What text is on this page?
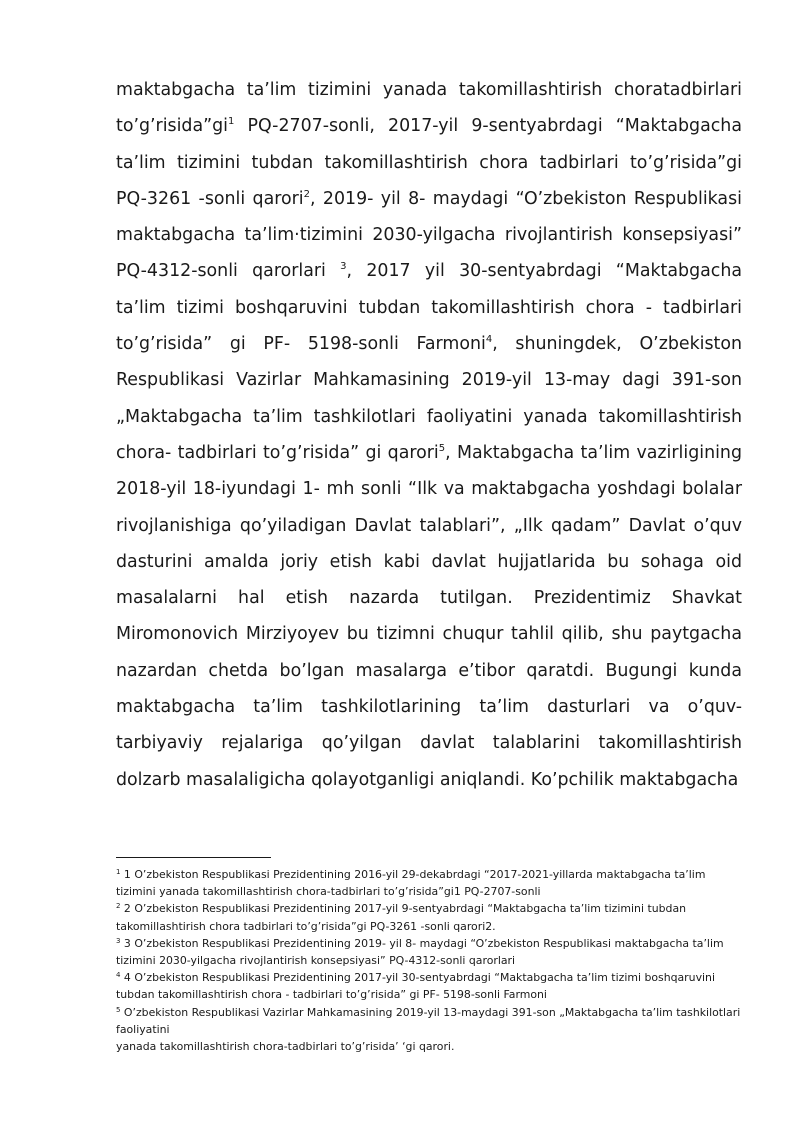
maktabgacha ta’lim tizimini yanada takomillashtirish choratadbirlari $to’g’risida”gi^1$ PQ-2707-sonli, 2017-yil 9-sentyabrdagi “Maktabgacha ta’lim tizimini tubdan takomillashtirish chora tadbirlari to’g’risida”gi PQ-3261 -sonli qarori$^2$, 2019- yil 8- maydagi “O’zbekiston Respublikasi maktabgacha ta’lim·tizimini 2030-yilgacha rivojlantirish konsepsiyasi” PQ-4312-sonli qarorlari $^3$, 2017 yil 30-sentyabrdagi “Maktabgacha ta’lim tizimi boshqaruvini tubdan takomillashtirish chora - tadbirlari to’g’risida” gi PF- 5198-sonli Farmoni$^4$, shuningdek, O’zbekiston Respublikasi Vazirlar Mahkamasining 2019-yil 13-may dagi 391-son „Maktabgacha ta’lim tashkilotlari faoliyatini yanada takomillashtirish chora- tadbirlari to’g’risida” gi qarori$^5$, Maktabgacha ta’lim vazirligining 2018-yil 18-iyundagi 1- mh sonli “Ilk va maktabgacha yoshdagi bolalar rivojlanishiga qo’yiladigan Davlat talablari”, „Ilk qadam” Davlat o’quv dasturini amalda joriy etish kabi davlat hujjatlarida bu sohaga oid masalalarni hal etish nazarda tutilgan. Prezidentimiz Shavkat Miromonovich Mirziyoyev bu tizimni chuqur tahlil qilib, shu paytgacha nazardan chetda bo’lgan masalarga e’tibor qaratdi. Bugungi kunda maktabgacha ta’lim tashkilotlarining ta’lim dasturlari va o’quv-tarbiyaviy rejalariga qo’yilgan davlat talablarini takomillashtirish dolzarb masalaligicha qolayotganligi aniqlandi. Ko’pchilik maktabgacha

$^1$ 1 O’zbekiston Respublikasi Prezidentining 2016-yil 29-dekabrdagi “2017-2021-yillarda maktabgacha ta’lim tizimini yanada takomillashtirish chora-tadbirlari to’g’risida”gi1 PQ-2707-sonli

$^2$ 2 O’zbekiston Respublikasi Prezidentining 2017-yil 9-sentyabrdagi “Maktabgacha ta’lim tizimini tubdan takomillashtirish chora tadbirlari to’g’risida”gi PQ-3261 -sonli qarori2.

$^3$ 3 O’zbekiston Respublikasi Prezidentining 2019- yil 8- maydagi “O’zbekiston Respublikasi maktabgacha ta’lim tizimini 2030-yilgacha rivojlantirish konsepsiyasi” PQ-4312-sonli qarorlari

$^4$ 4 O’zbekiston Respublikasi Prezidentining 2017-yil 30-sentyabrdagi “Maktabgacha ta’lim tizimi boshqaruvini tubdan takomillashtirish chora - tadbirlari to’g’risida” gi PF- 5198-sonli Farmoni

$^5$ O’zbekiston Respublikasi Vazirlar Mahkamasining 2019-yil 13-maydagi 391-son „Maktabgacha ta’lim tashkilotlari faoliyatini

yanada takomillashtirish chora-tadbirlari to’g’risida’ ‘gi qarori.
